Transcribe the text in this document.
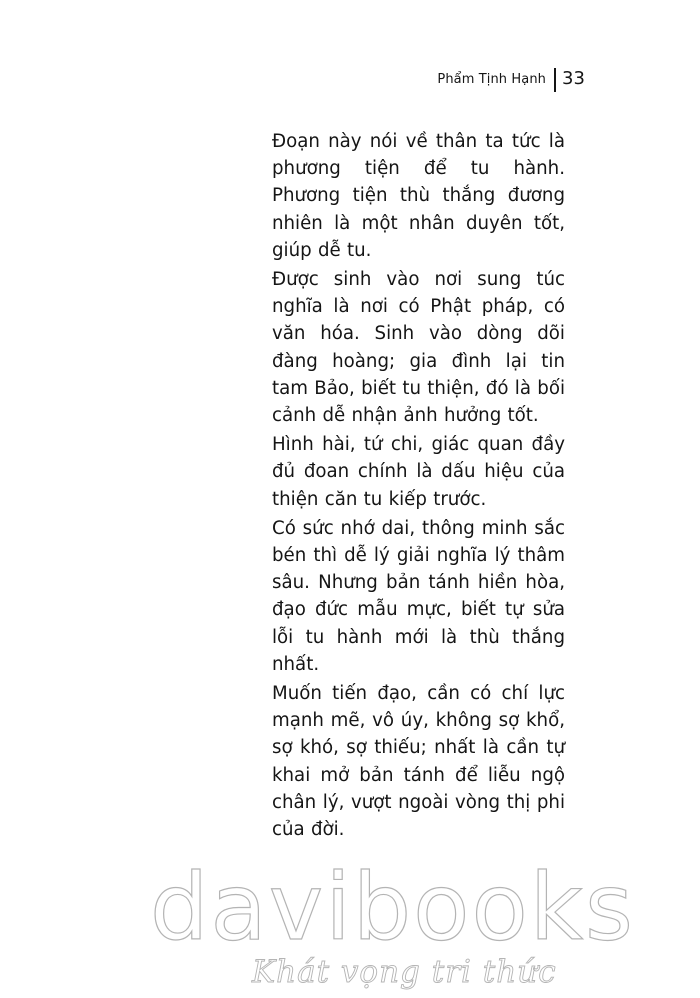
Phẩm Tịnh Hạnh 33

Đoạn này nói về thân ta tức là phương tiện để tu hành. Phương tiện thù thắng đương nhiên là một nhân duyên tốt, giúp dễ tu.

Được sinh vào nơi sung túc nghĩa là nơi có Phật pháp, có văn hóa. Sinh vào dòng dõi đàng hoàng; gia đình lại tin tam Bảo, biết tu thiện, đó là bối cảnh dễ nhận ảnh hưởng tốt.

Hình hài, tứ chi, giác quan đầy đủ đoan chính là dấu hiệu của thiện căn tu kiếp trước.

Có sức nhớ dai, thông minh sắc bén thì dễ lý giải nghĩa lý thâm sâu. Nhưng bản tánh hiền hòa, đạo đức mẫu mực, biết tự sửa lỗi tu hành mới là thù thắng nhất.

Muốn tiến đạo, cần có chí lực mạnh mẽ, vô úy, không sợ khổ, sợ khó, sợ thiếu; nhất là cần tự khai mở bản tánh để liễu ngộ chân lý, vượt ngoài vòng thị phi của đời.

davibooks
Khát vọng tri thức
